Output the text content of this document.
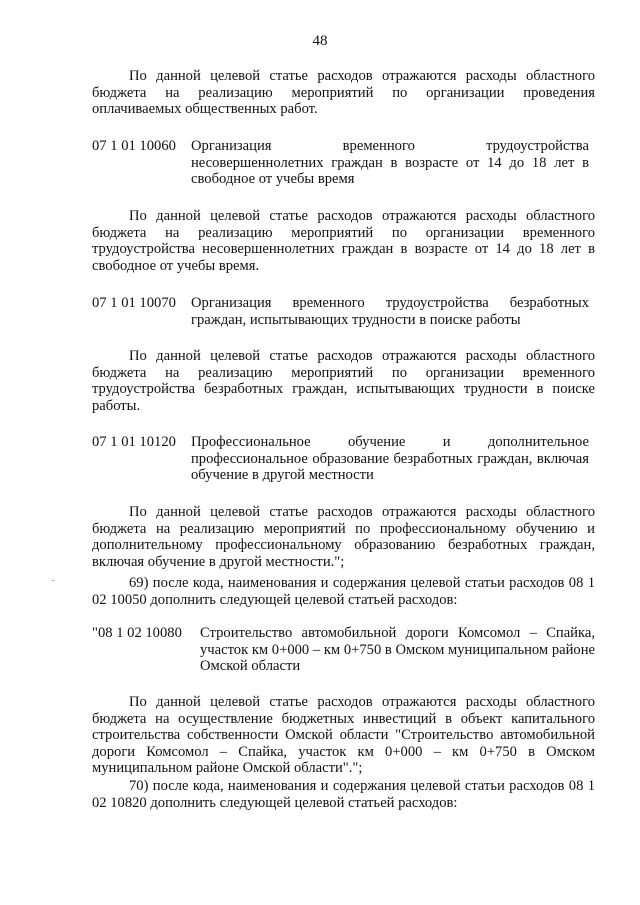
48
По данной целевой статье расходов отражаются расходы областного бюджета на реализацию мероприятий по организации проведения оплачиваемых общественных работ.
07 1 01 10060 Организация временного трудоустройства несовершеннолетних граждан в возрасте от 14 до 18 лет в свободное от учебы время
По данной целевой статье расходов отражаются расходы областного бюджета на реализацию мероприятий по организации временного трудоустройства несовершеннолетних граждан в возрасте от 14 до 18 лет в свободное от учебы время.
07 1 01 10070 Организация временного трудоустройства безработных граждан, испытывающих трудности в поиске работы
По данной целевой статье расходов отражаются расходы областного бюджета на реализацию мероприятий по организации временного трудоустройства безработных граждан, испытывающих трудности в поиске работы.
07 1 01 10120 Профессиональное обучение и дополнительное профессиональное образование безработных граждан, включая обучение в другой местности
По данной целевой статье расходов отражаются расходы областного бюджета на реализацию мероприятий по профессиональному обучению и дополнительному профессиональному образованию безработных граждан, включая обучение в другой местности.";
69) после кода, наименования и содержания целевой статьи расходов 08 1 02 10050 дополнить следующей целевой статьей расходов:
"08 1 02 10080 Строительство автомобильной дороги Комсомол – Спайка, участок км 0+000 – км 0+750 в Омском муниципальном районе Омской области
По данной целевой статье расходов отражаются расходы областного бюджета на осуществление бюджетных инвестиций в объект капитального строительства собственности Омской области "Строительство автомобильной дороги Комсомол – Спайка, участок км 0+000 – км 0+750 в Омском муниципальном районе Омской области".";
70) после кода, наименования и содержания целевой статьи расходов 08 1 02 10820 дополнить следующей целевой статьей расходов:
